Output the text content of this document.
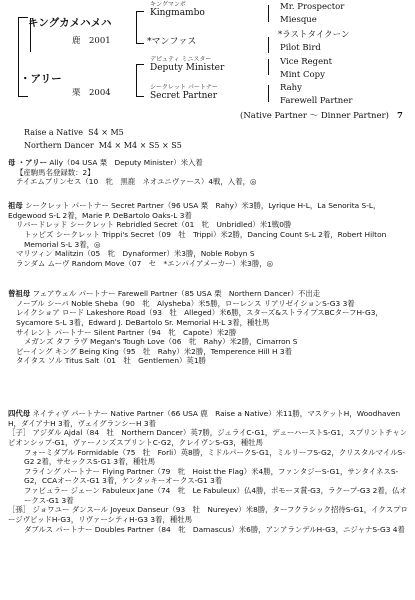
キングカメハメハ
鹿　2001
・アリー
栗　2004
キングマンボ
Kingmambo
*マンファス
デピュティ ミニスター
Deputy Minister
シークレット パートナー
Secret Partner
Mr. Prospector
Miesque
*ラストタイクーン
Pilot Bird
Vice Regent
Mint Copy
Rahy
Farewell Partner
(Native Partner ～ Dinner Partner) 7
Raise a Native S4 × M5
Northern Dancer M4 × M4 × S5 × S5

母 ・アリー Ally（04 USA 栗　Deputy Minister）米入着

【産駒馬名登録数：2】

テイエムプリンセス（10　牝　黒鹿　ネオユニヴァース）4戦，入着，◎

祖母 シークレット パートナー Secret Partner（96 USA 栗　Rahy）米3勝，Lyrique H-L，La Senorita S-L，Edgewood S-L 2着，Marie P. DeBartolo Oaks-L 3着

リバードレッド シークレット Rebridled Secret（01　牝　Unbridled）米1戦0勝

トッピズ シークレット Trippi's Secret（09　牡　Trippi）米2勝，Dancing Count S-L 2着，Robert Hilton Memorial S-L 3着，◎

マリツィン Malitzin（05　牝　Dynaformer）米3勝，Noble Robyn S

ランダム ムーヴ Random Move（07　セ　*エンパイアメーカー）米3勝，◎

曾祖母 フェアウェル パートナー Farewell Partner（85 USA 栗　Northern Dancer）不出走

ノーブル シーバ Noble Sheba（90　牝　Alysheba）米5勝，ローレンス リアリゼイションS-G3 3着

レイクショア ロード Lakeshore Road（93　牡　Alleged）米6勝，スターズ&ストライプスBCターフH-G3，Sycamore S-L 3着，Edward J. DeBartolo Sr. Memorial H-L 3着，種牡馬

サイレント パートナー Silent Partner（94　牝　Capote）米2勝

メガンズ タフ ラヴ Megan's Tough Love（06　牝　Rahy）米2勝，Cimarron S

ビーイング キング Being King（95　牡　Rahy）米2勝，Temperence Hill H 3着

タイタス ソル Titus Salt（01　牡　Gentlemen）英1勝

四代母 ネイティヴ パートナー Native Partner（66 USA 鹿　Raise a Native）米11勝，マスケットH，Woodhaven H，ダイアナH 3着，ヴェイグランシーH 3着

［子］ アジダル Ajdal（84　牡　Northern Dancer）英7勝，ジュライC-G1，デューハーストS-G1，スプリントチャンピオンシップ-G1，ヴァーノンズスプリントC-G2，クレイヴンS-G3，種牡馬

フォーミダブル Formidable（75　牡　Forli）英8勝，ミドルパークS-G1，ミルリーフS-G2，クリスタルマイルS-G2 2着，サセックスS-G1 3着，種牡馬

フライング パートナー Flying Partner（79　牝　Hoist the Flag）米4勝，ファンタジーS-G1，サンタイネスS-G2，CCAオークス-G1 3着，ケンタッキーオークス-G1 3着

ファビュラー ジェーン Fabuleux Jane（74　牝　Le Fabuleux）仏4勝，ポモーヌ賞-G3，ラクープ-G3 2着，仏オークス-G1 3着

［孫］ ジョワユー ダンスール Joyeux Danseur（93　牡　Nureyev）米8勝，ターフクラシック招待S-G1，イクスプロージヴビッドH-G3，リヴァーシティH-G3 3着，種牡馬

ダブルス パートナー Doubles Partner（84　牝　Damascus）米6勝，アンアランデルH-G3，ニジャナS-G3 4着
